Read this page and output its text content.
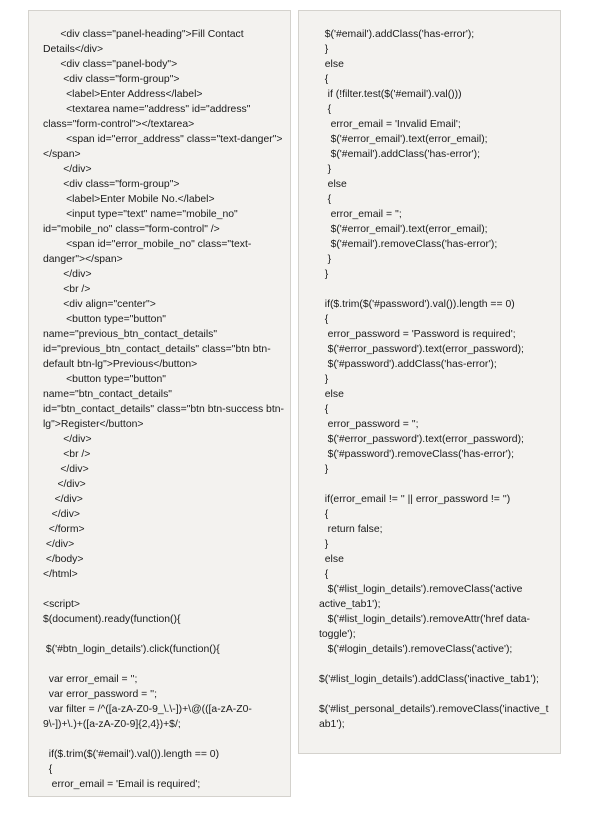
<div class="panel-heading">Fill Contact Details</div>
<div class="panel-body">
<div class="form-group">
<label>Enter Address</label>
<textarea name="address" id="address" class="form-control"></textarea>
<span id="error_address" class="text-danger"></span>
</div>
<div class="form-group">
<label>Enter Mobile No.</label>
<input type="text" name="mobile_no" id="mobile_no" class="form-control" />
<span id="error_mobile_no" class="text-danger"></span>
</div>
<br />
<div align="center">
<button type="button" name="previous_btn_contact_details" id="previous_btn_contact_details" class="btn btn-default btn-lg">Previous</button>
<button type="button" name="btn_contact_details" id="btn_contact_details" class="btn btn-success btn-lg">Register</button>
</div>
<br />
</div>
</div>
</div>
</div>
</form>
</div>
</body>
</html>
<script>
$(document).ready(function(){
$('#btn_login_details').click(function(){
var error_email = '';
var error_password = '';
var filter = /^([a-zA-Z0-9_\.\-])+\@(([a-zA-Z0-9\-])+\.)+([a-zA-Z0-9]{2,4})+$/;
if($.trim($('#email').val()).length == 0)
{
error_email = 'Email is required';
$('#email').addClass('has-error');
}
else
{
if (!filter.test($('#email').val()))
{
error_email = 'Invalid Email';
$('#error_email').text(error_email);
$('#email').addClass('has-error');
}
else
{
error_email = '';
$('#error_email').text(error_email);
$('#email').removeClass('has-error');
}
}
if($.trim($('#password').val()).length == 0)
{
error_password = 'Password is required';
$('#error_password').text(error_password);
$('#password').addClass('has-error');
}
else
{
error_password = '';
$('#error_password').text(error_password);
$('#password').removeClass('has-error');
}
if(error_email != '' || error_password != '')
{
return false;
}
else
{
$('#list_login_details').removeClass('active active_tab1');
$('#list_login_details').removeAttr('href data-toggle');
$('#login_details').removeClass('active');
$('#list_login_details').addClass('inactive_tab1');
$('#list_personal_details').removeClass('inactive_tab1');
